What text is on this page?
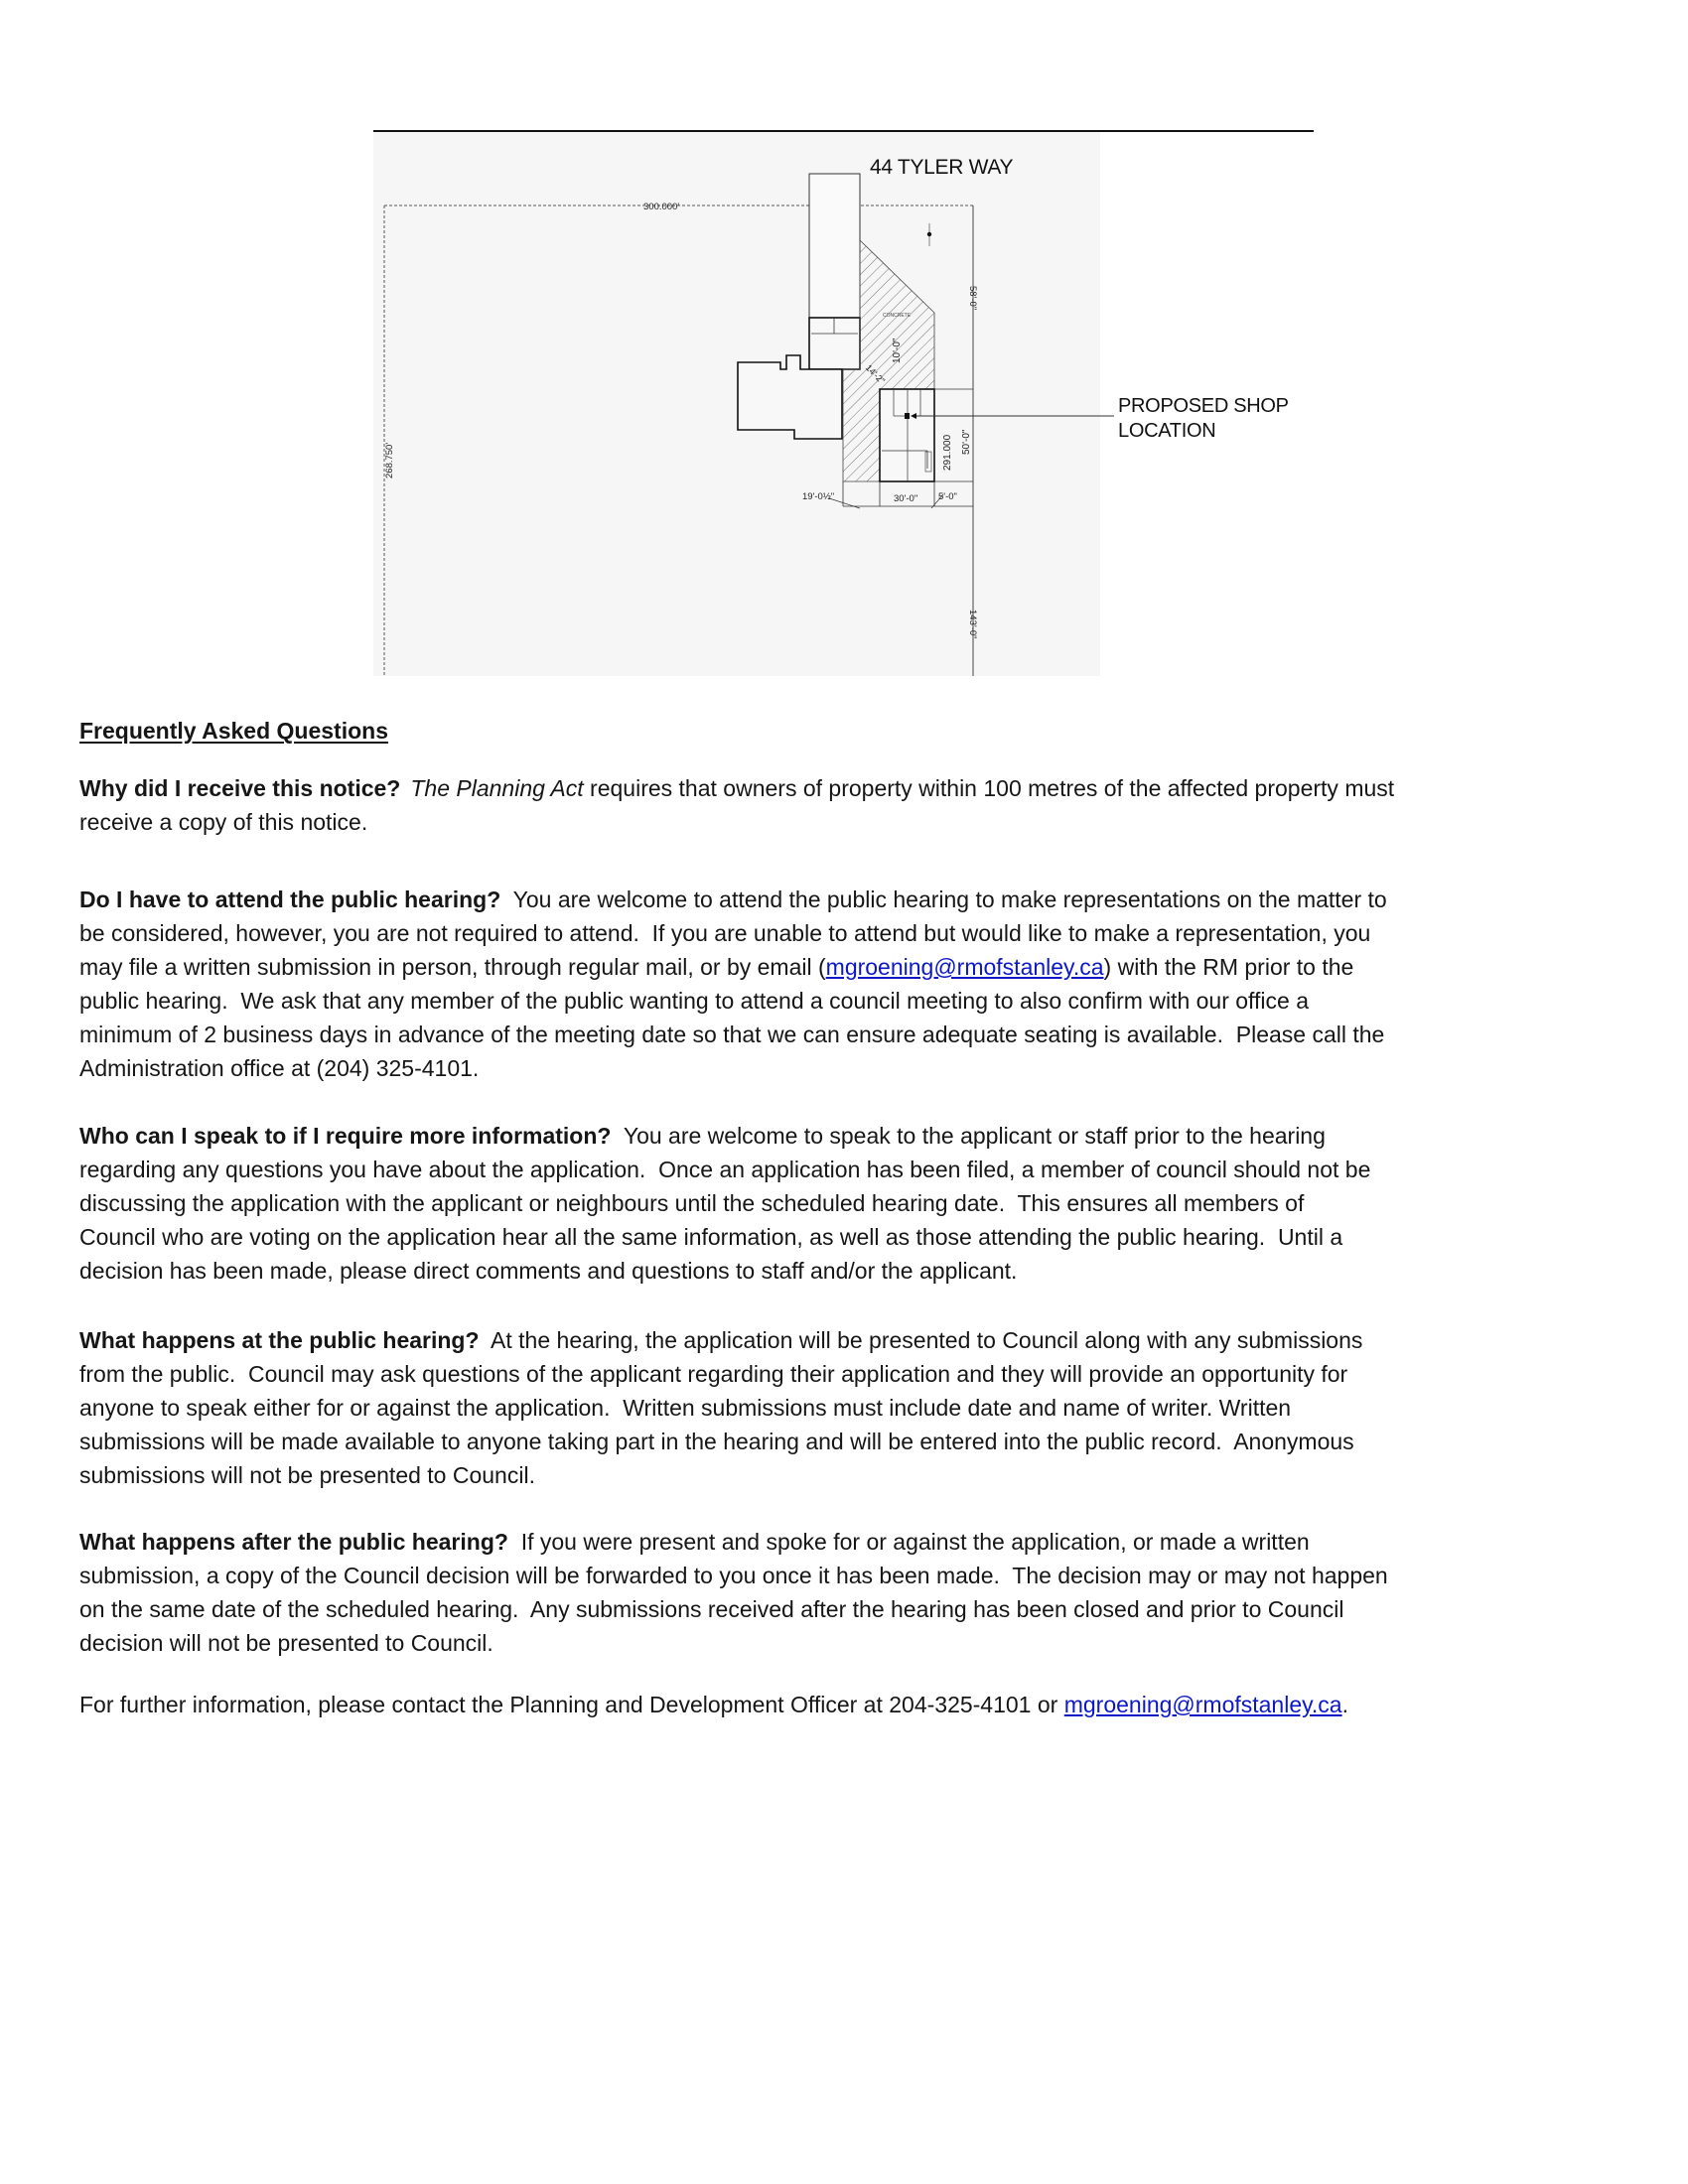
44 TYLER WAY
PROPOSED SHOP
LOCATION
300.000'
268.750'
58'-0"
10'-0"
14'-2"
291.000 50'-0"
19'-0½"	30'-0" 5'-0"
143'-0"
CONCRETE
Frequently Asked Questions
Why did I receive this notice? The Planning Act requires that owners of property within 100 metres of the affected property must
receive a copy of this notice.
Do I have to attend the public hearing?  You are welcome to attend the public hearing to make representations on the matter to
be considered, however, you are not required to attend.  If you are unable to attend but would like to make a representation, you
may file a written submission in person, through regular mail, or by email (mgroening@rmofstanley.ca) with the RM prior to the
public hearing.  We ask that any member of the public wanting to attend a council meeting to also confirm with our office a
minimum of 2 business days in advance of the meeting date so that we can ensure adequate seating is available.  Please call the
Administration office at (204) 325-4101.
Who can I speak to if I require more information?  You are welcome to speak to the applicant or staff prior to the hearing
regarding any questions you have about the application.  Once an application has been filed, a member of council should not be
discussing the application with the applicant or neighbours until the scheduled hearing date.  This ensures all members of
Council who are voting on the application hear all the same information, as well as those attending the public hearing.  Until a
decision has been made, please direct comments and questions to staff and/or the applicant.
What happens at the public hearing?  At the hearing, the application will be presented to Council along with any submissions
from the public.  Council may ask questions of the applicant regarding their application and they will provide an opportunity for
anyone to speak either for or against the application.  Written submissions must include date and name of writer. Written
submissions will be made available to anyone taking part in the hearing and will be entered into the public record.  Anonymous
submissions will not be presented to Council.
What happens after the public hearing?  If you were present and spoke for or against the application, or made a written
submission, a copy of the Council decision will be forwarded to you once it has been made.  The decision may or may not happen
on the same date of the scheduled hearing.  Any submissions received after the hearing has been closed and prior to Council
decision will not be presented to Council.
For further information, please contact the Planning and Development Officer at 204-325-4101 or mgroening@rmofstanley.ca.
